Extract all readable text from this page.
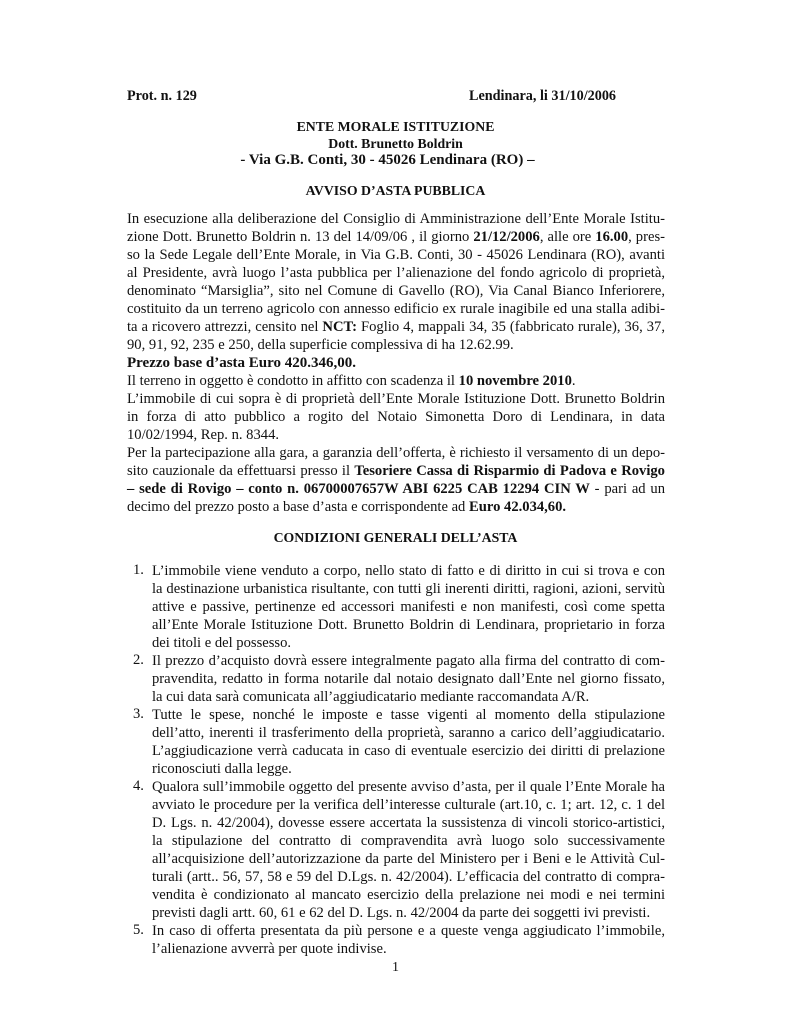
Prot. n. 129	Lendinara, li 31/10/2006
ENTE MORALE ISTITUZIONE
Dott. Brunetto Boldrin
- Via G.B. Conti, 30 - 45026 Lendinara (RO) –
AVVISO D’ASTA PUBBLICA
In esecuzione alla deliberazione del Consiglio di Amministrazione dell’Ente Morale Istitu-
zione Dott. Brunetto Boldrin n. 13 del 14/09/06 , il giorno 21/12/2006, alle ore 16.00, pres-
so la Sede Legale dell’Ente Morale, in Via G.B. Conti, 30 - 45026 Lendinara (RO), avanti
al Presidente, avrà luogo l’asta pubblica per l’alienazione del fondo agricolo di proprietà,
denominato “Marsiglia”, sito nel Comune di Gavello (RO), Via Canal Bianco Inferiorere,
costituito da un terreno agricolo con annesso edificio ex rurale inagibile ed una stalla adibi-
ta a ricovero attrezzi, censito nel NCT: Foglio 4, mappali 34, 35 (fabbricato rurale), 36, 37,
90, 91, 92, 235 e 250, della superficie complessiva di ha 12.62.99.
Prezzo base d’asta Euro 420.346,00.
Il terreno in oggetto è condotto in affitto con scadenza il 10 novembre 2010.
L’immobile di cui sopra è di proprietà dell’Ente Morale Istituzione Dott. Brunetto Boldrin
in forza di atto pubblico a rogito del Notaio Simonetta Doro di Lendinara, in data
10/02/1994, Rep. n. 8344.
Per la partecipazione alla gara, a garanzia dell’offerta, è richiesto il versamento di un depo-
sito cauzionale da effettuarsi presso il Tesoriere Cassa di Risparmio di Padova e Rovigo
– sede di Rovigo – conto n. 06700007657W ABI 6225 CAB 12294 CIN W - pari ad un
decimo del prezzo posto a base d’asta e corrispondente ad Euro 42.034,60.
CONDIZIONI GENERALI DELL’ASTA
1. L’immobile viene venduto a corpo, nello stato di fatto e di diritto in cui si trova e con
la destinazione urbanistica risultante, con tutti gli inerenti diritti, ragioni, azioni, servitù
attive e passive, pertinenze ed accessori manifesti e non manifesti, così come spetta
all’Ente Morale Istituzione Dott. Brunetto Boldrin di Lendinara, proprietario in forza
dei titoli e del possesso.
2. Il prezzo d’acquisto dovrà essere integralmente pagato alla firma del contratto di com-
pravendita, redatto in forma notarile dal notaio designato dall’Ente nel giorno fissato,
la cui data sarà comunicata all’aggiudicatario mediante raccomandata A/R.
3. Tutte le spese, nonché le imposte e tasse vigenti al momento della stipulazione
dell’atto, inerenti il trasferimento della proprietà, saranno a carico dell’aggiudicatario.
L’aggiudicazione verrà caducata in caso di eventuale esercizio dei diritti di prelazione
riconosciuti dalla legge.
4. Qualora sull’immobile oggetto del presente avviso d’asta, per il quale l’Ente Morale ha
avviato le procedure per la verifica dell’interesse culturale (art.10, c. 1; art. 12, c. 1 del
D. Lgs. n. 42/2004), dovesse essere accertata la sussistenza di vincoli storico-artistici,
la stipulazione del contratto di compravendita avrà luogo solo successivamente
all’acquisizione dell’autorizzazione da parte del Ministero per i Beni e le Attività Cul-
turali (artt.. 56, 57, 58 e 59 del D.Lgs. n. 42/2004). L’efficacia del contratto di compra-
vendita è condizionato al mancato esercizio della prelazione nei modi e nei termini
previsti dagli artt. 60, 61 e 62 del D. Lgs. n. 42/2004 da parte dei soggetti ivi previsti.
5. In caso di offerta presentata da più persone e a queste venga aggiudicato l’immobile,
l’alienazione avverrà per quote indivise.
1
